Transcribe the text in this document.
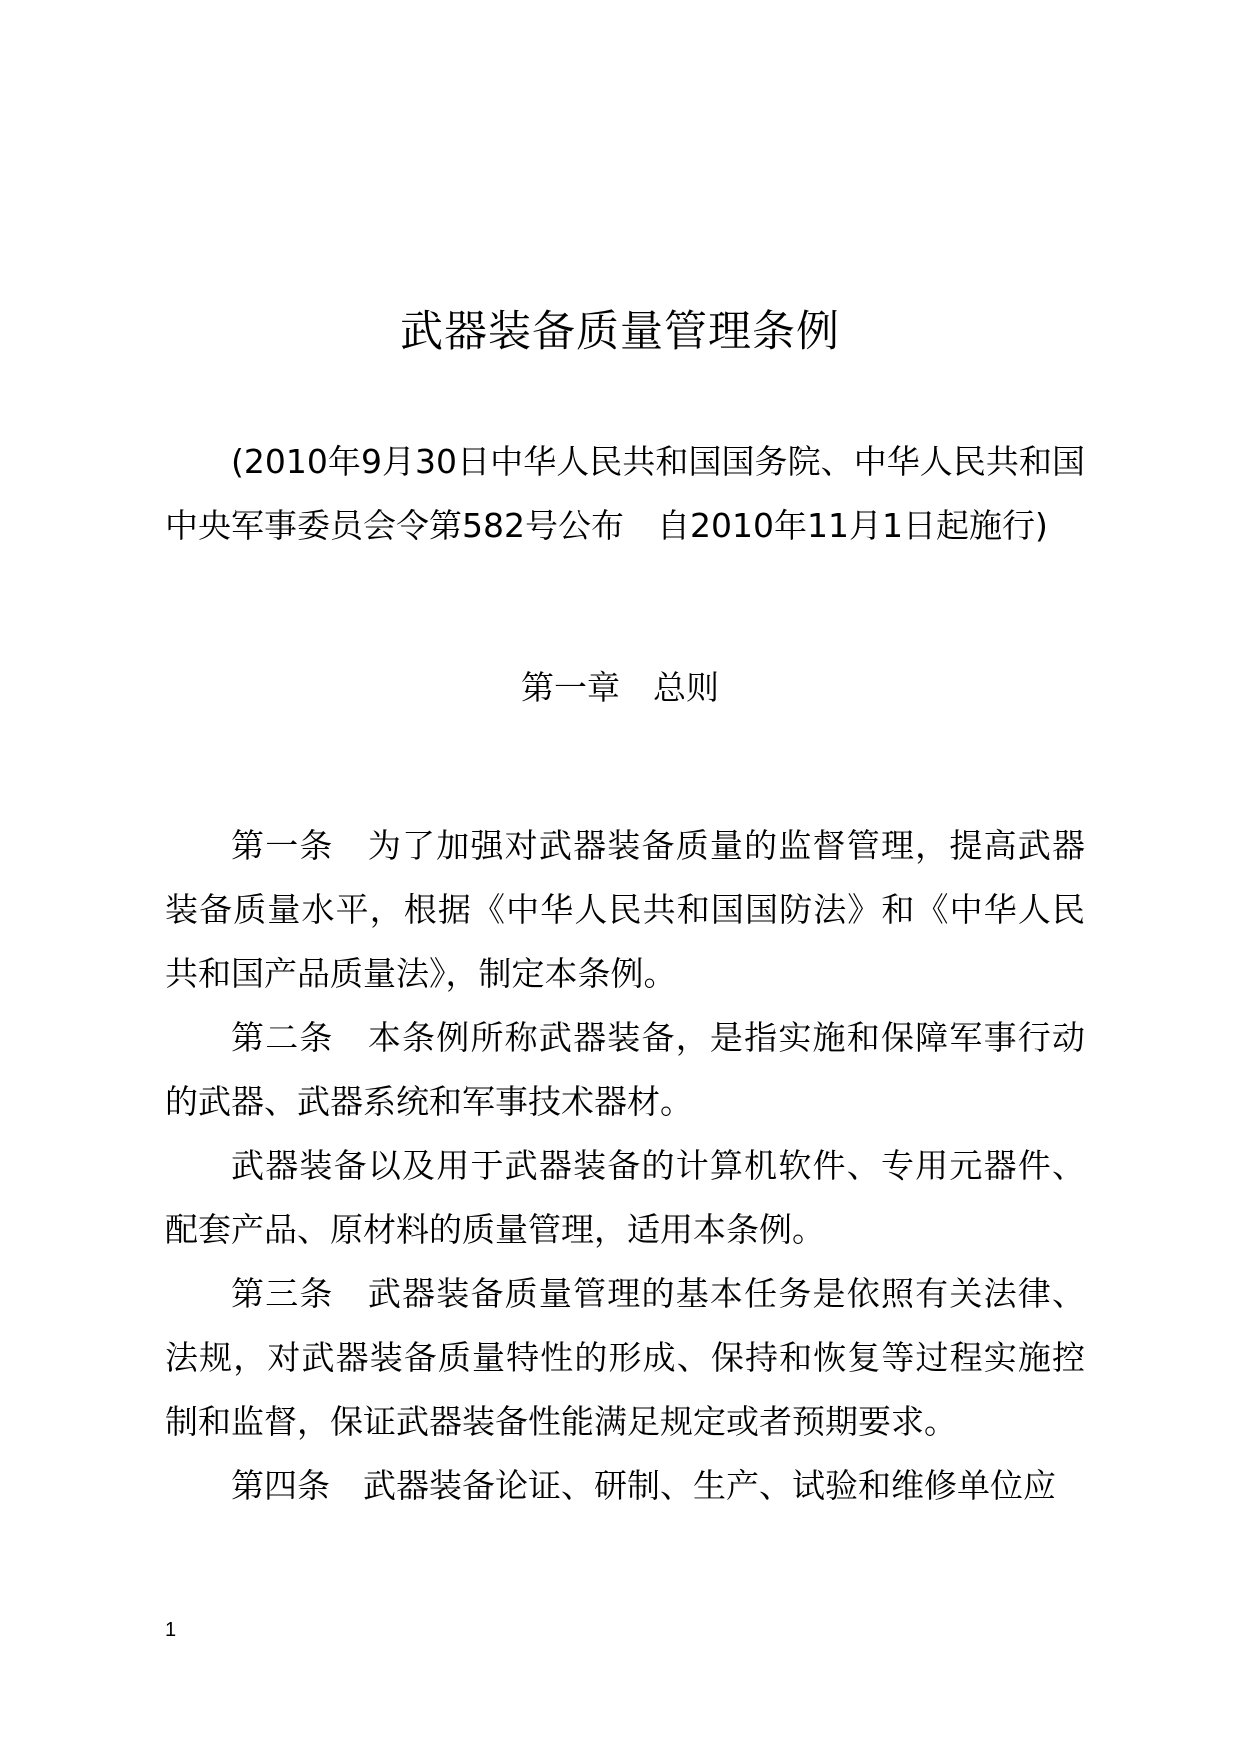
武器装备质量管理条例
(2010年9月30日中华人民共和国国务院、中华人民共和国中央军事委员会令第582号公布　自2010年11月1日起施行)
第一章　总则

第一条　为了加强对武器装备质量的监督管理，提高武器装备质量水平，根据《中华人民共和国国防法》和《中华人民共和国产品质量法》，制定本条例。

第二条　本条例所称武器装备，是指实施和保障军事行动的武器、武器系统和军事技术器材。

武器装备以及用于武器装备的计算机软件、专用元器件、配套产品、原材料的质量管理，适用本条例。

第三条　武器装备质量管理的基本任务是依照有关法律、法规，对武器装备质量特性的形成、保持和恢复等过程实施控制和监督，保证武器装备性能满足规定或者预期要求。

第四条　武器装备论证、研制、生产、试验和维修单位应

1
